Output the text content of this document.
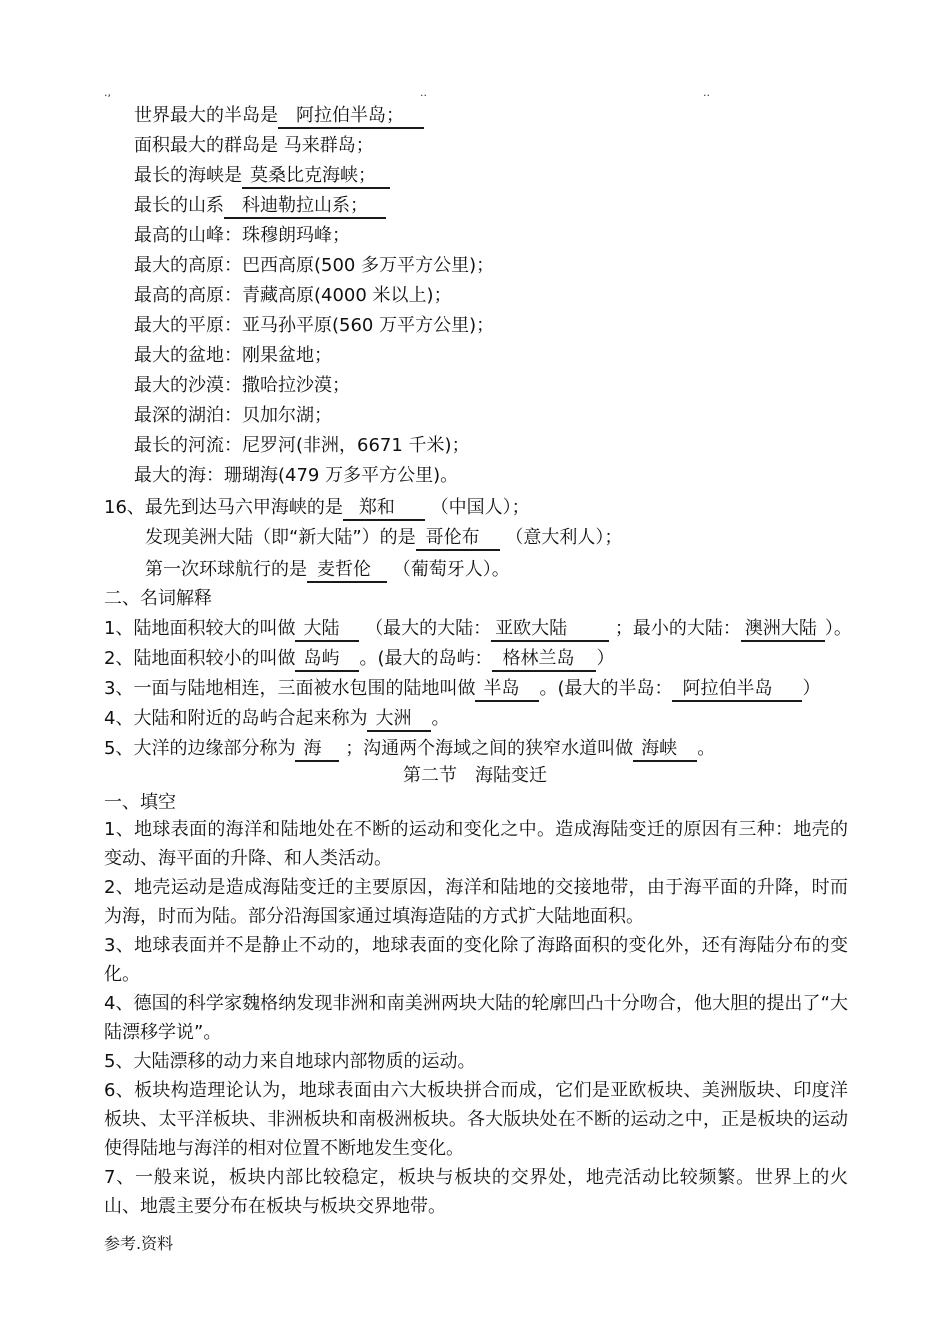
.,	..	..
世界最大的半岛是 阿拉伯半岛；
面积最大的群岛是 马来群岛；
最长的海峡是 莫桑比克海峡；
最长的山系 科迪勒拉山系；
最高的山峰：珠穆朗玛峰；
最大的高原：巴西高原(500 多万平方公里)；
最高的高原：青藏高原(4000 米以上)；
最大的平原：亚马孙平原(560 万平方公里)；
最大的盆地：刚果盆地；
最大的沙漠：撒哈拉沙漠；
最深的湖泊：贝加尔湖；
最长的河流：尼罗河(非洲，6671 千米)；
最大的海：珊瑚海(479 万多平方公里)。
16、最先到达马六甲海峡的是 郑和 （中国人）；
发现美洲大陆（即“新大陆”）的是 哥伦布 （意大利人）；
第一次环球航行的是 麦哲伦 （葡萄牙人）。
二、名词解释
1、陆地面积较大的叫做 大陆 （最大的大陆： 亚欧大陆	；最小的大陆： 澳洲大陆 ）。
2、陆地面积较小的叫做 岛屿 。(最大的岛屿： 格林兰岛 ）
3、一面与陆地相连，三面被水包围的陆地叫做 半岛 。(最大的半岛： 阿拉伯半岛 ）
4、大陆和附近的岛屿合起来称为 大洲 。
5、大洋的边缘部分称为 海 ；沟通两个海域之间的狭窄水道叫做 海峡 。
第二节　海陆变迁
一、填空
1、地球表面的海洋和陆地处在不断的运动和变化之中。造成海陆变迁的原因有三种：地壳的变动、海平面的升降、和人类活动。
2、地壳运动是造成海陆变迁的主要原因，海洋和陆地的交接地带，由于海平面的升降，时而为海，时而为陆。部分沿海国家通过填海造陆的方式扩大陆地面积。
3、地球表面并不是静止不动的，地球表面的变化除了海路面积的变化外，还有海陆分布的变化。
4、德国的科学家魏格纳发现非洲和南美洲两块大陆的轮廓凹凸十分吻合，他大胆的提出了“大陆漂移学说”。
5、大陆漂移的动力来自地球内部物质的运动。
6、板块构造理论认为，地球表面由六大板块拼合而成，它们是亚欧板块、美洲版块、印度洋板块、太平洋板块、非洲板块和南极洲板块。各大版块处在不断的运动之中，正是板块的运动使得陆地与海洋的相对位置不断地发生变化。
7、一般来说，板块内部比较稳定，板块与板块的交界处，地壳活动比较频繁。世界上的火山、地震主要分布在板块与板块交界地带。
参考.资料
